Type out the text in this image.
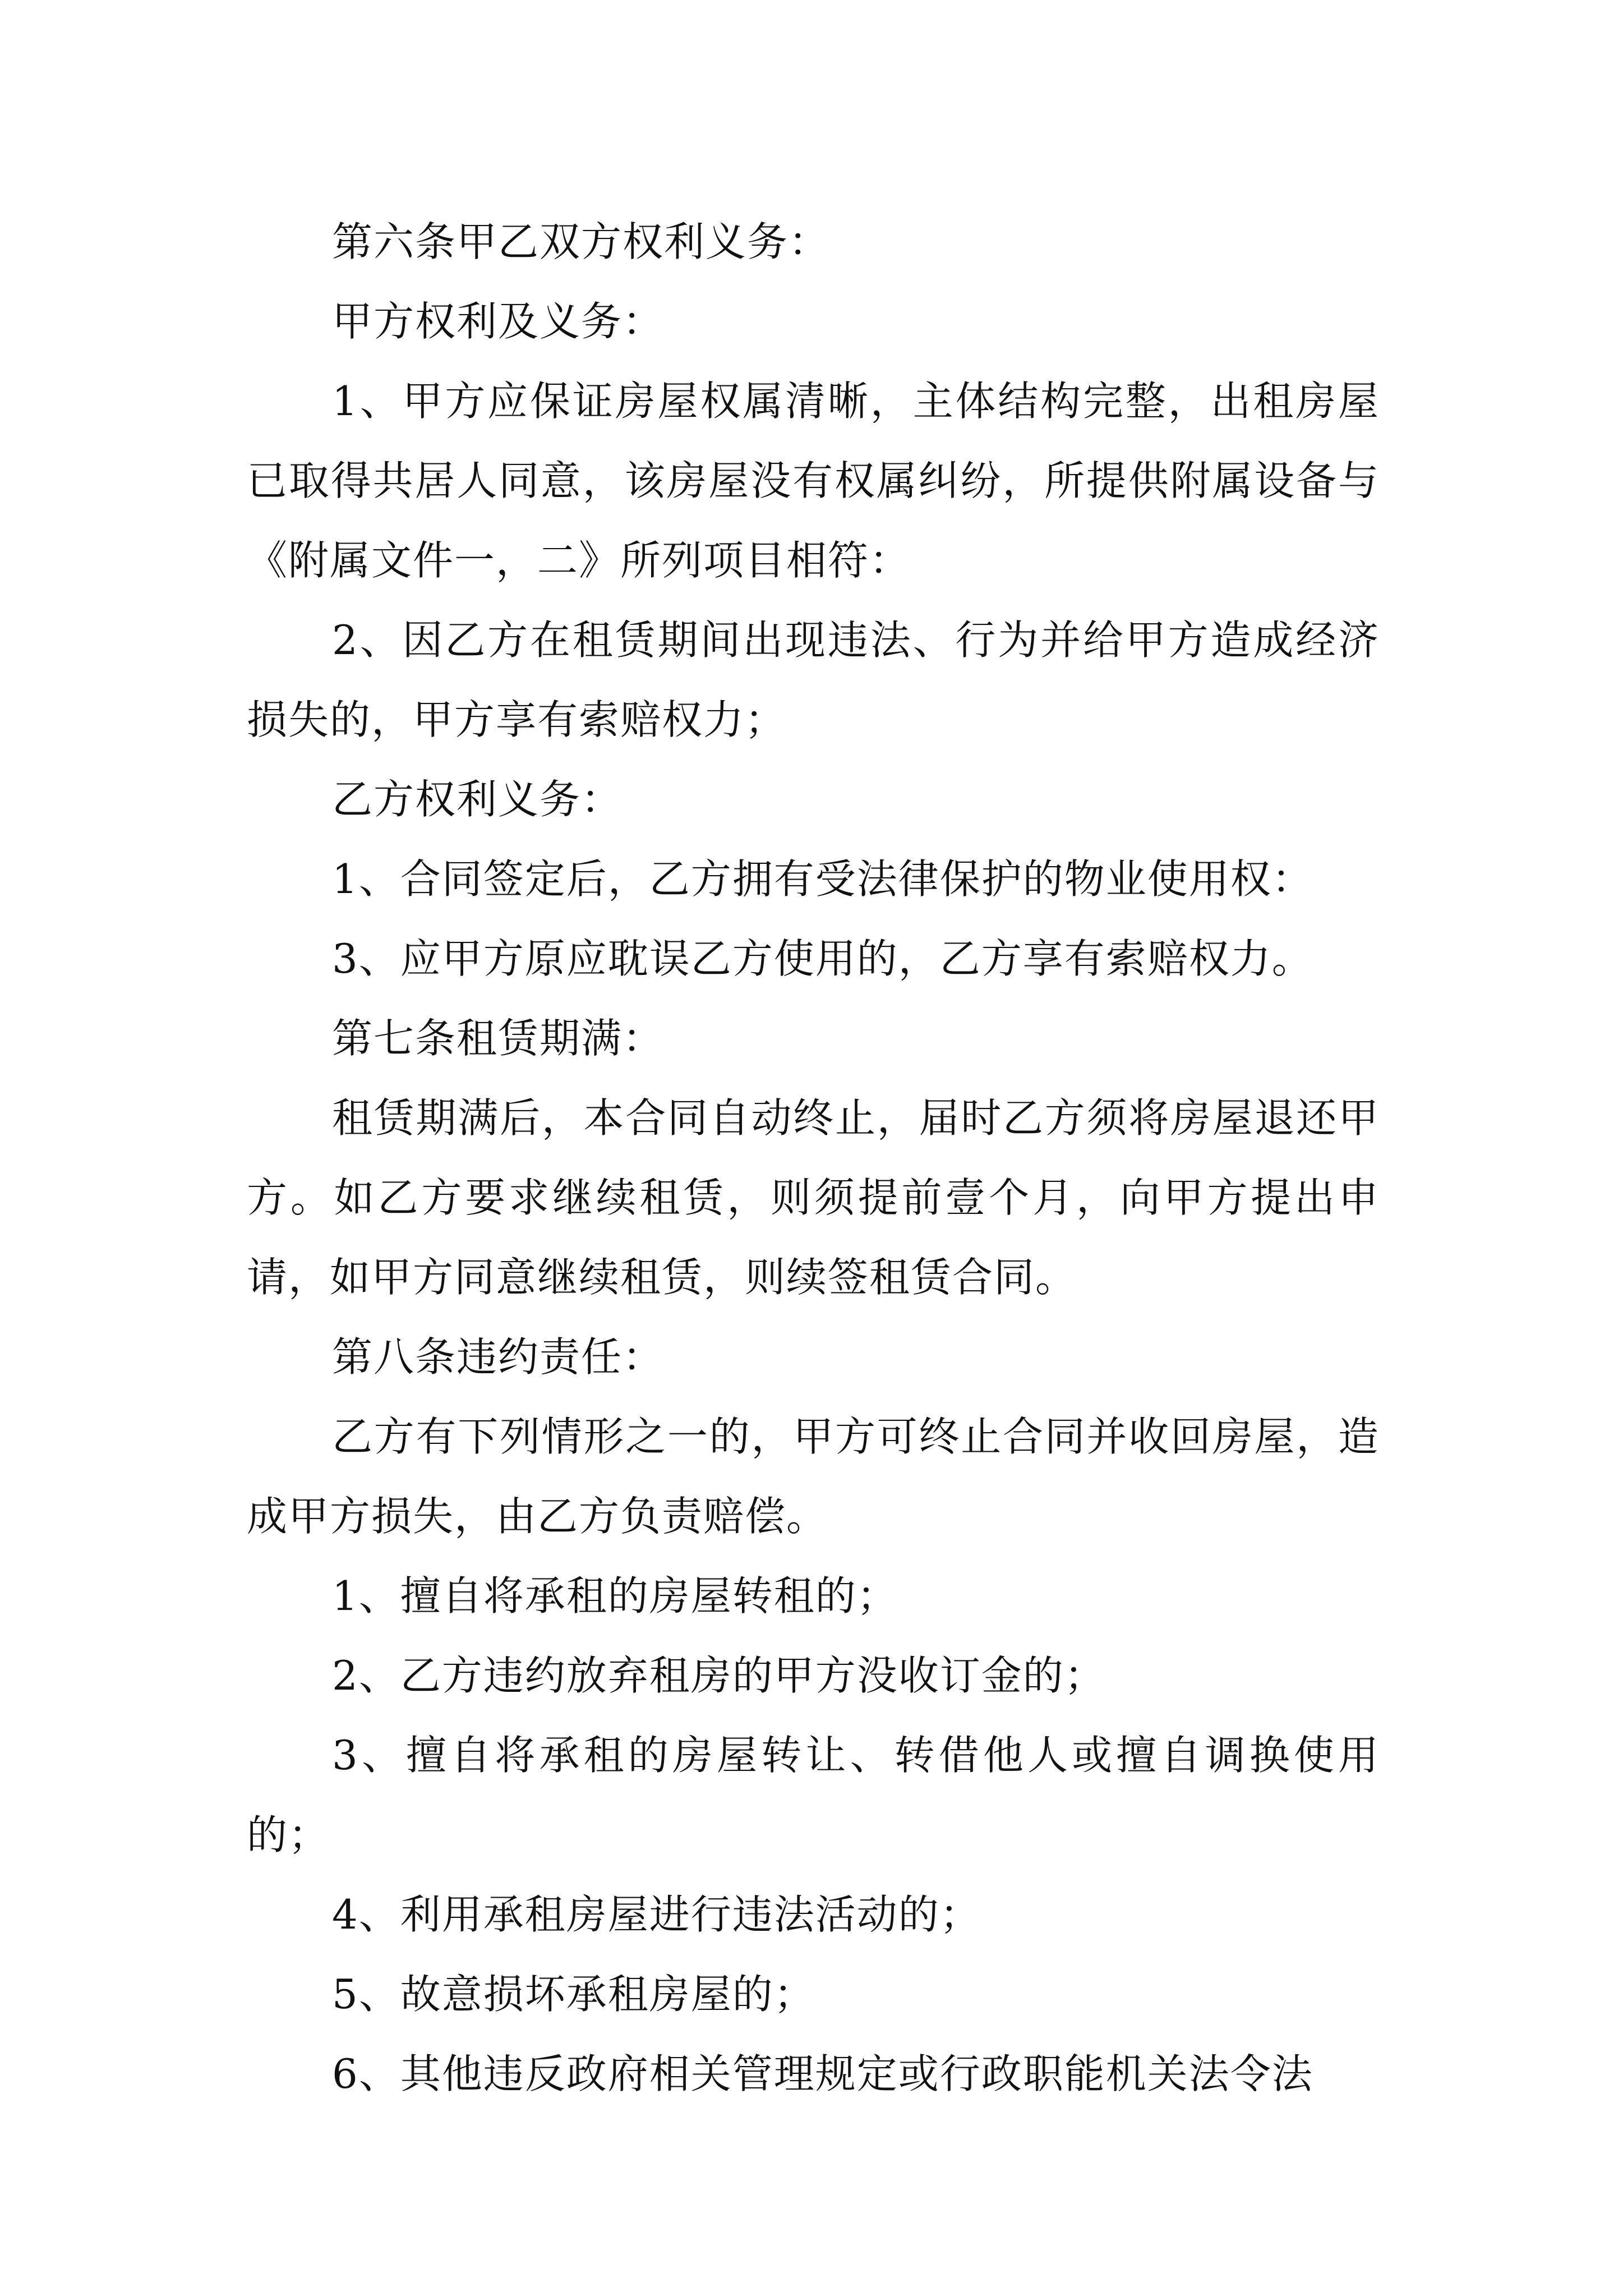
第六条甲乙双方权利义务：

甲方权利及义务：

1、甲方应保证房屋权属清晰，主体结构完整，出租房屋已取得共居人同意，该房屋没有权属纠纷，所提供附属设备与《附属文件一，二》所列项目相符：

2、因乙方在租赁期间出现违法、行为并给甲方造成经济损失的，甲方享有索赔权力；

乙方权利义务：

1、合同签定后，乙方拥有受法律保护的物业使用权：

3、应甲方原应耽误乙方使用的，乙方享有索赔权力。

第七条租赁期满：

租赁期满后，本合同自动终止，届时乙方须将房屋退还甲方。如乙方要求继续租赁，则须提前壹个月，向甲方提出申请，如甲方同意继续租赁，则续签租赁合同。

第八条违约责任：

乙方有下列情形之一的，甲方可终止合同并收回房屋，造成甲方损失，由乙方负责赔偿。

1、擅自将承租的房屋转租的；

2、乙方违约放弃租房的甲方没收订金的；

3、擅自将承租的房屋转让、转借他人或擅自调换使用的；

4、利用承租房屋进行违法活动的；

5、故意损坏承租房屋的；

6、其他违反政府相关管理规定或行政职能机关法令法
